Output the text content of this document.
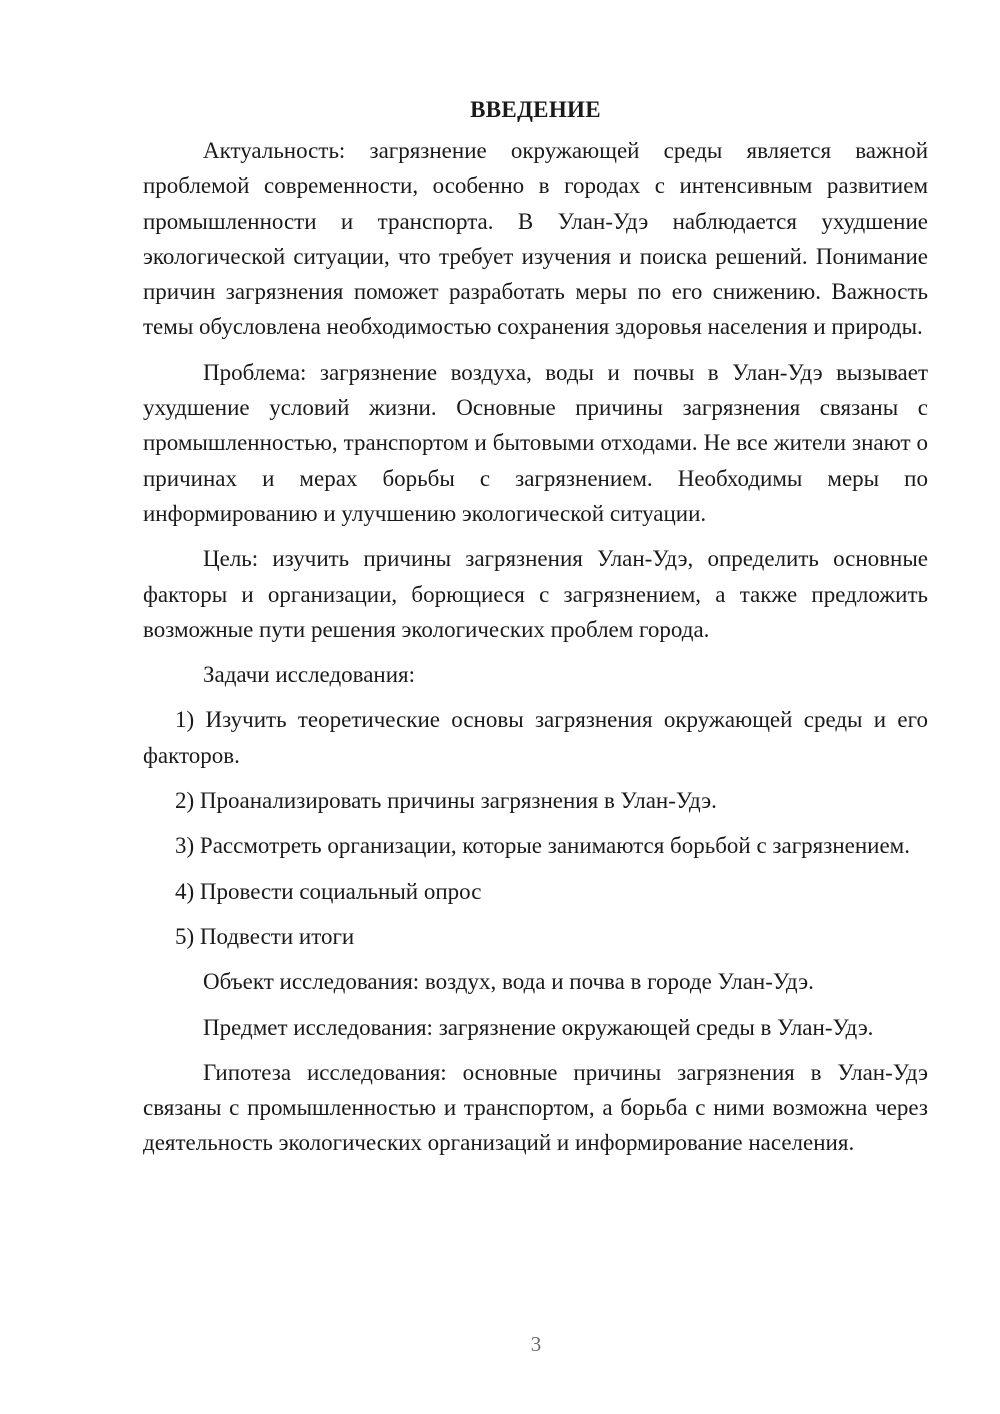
ВВЕДЕНИЕ

Актуальность: загрязнение окружающей среды является важной проблемой современности, особенно в городах с интенсивным развитием промышленности и транспорта. В Улан-Удэ наблюдается ухудшение экологической ситуации, что требует изучения и поиска решений. Понимание причин загрязнения поможет разработать меры по его снижению. Важность темы обусловлена необходимостью сохранения здоровья населения и природы.

Проблема: загрязнение воздуха, воды и почвы в Улан-Удэ вызывает ухудшение условий жизни. Основные причины загрязнения связаны с промышленностью, транспортом и бытовыми отходами. Не все жители знают о причинах и мерах борьбы с загрязнением. Необходимы меры по информированию и улучшению экологической ситуации.

Цель: изучить причины загрязнения Улан-Удэ, определить основные факторы и организации, борющиеся с загрязнением, а также предложить возможные пути решения экологических проблем города.

Задачи исследования:

1) Изучить теоретические основы загрязнения окружающей среды и его факторов.

2) Проанализировать причины загрязнения в Улан-Удэ.

3) Рассмотреть организации, которые занимаются борьбой с загрязнением.

4) Провести социальный опрос

5) Подвести итоги

Объект исследования: воздух, вода и почва в городе Улан-Удэ.

Предмет исследования: загрязнение окружающей среды в Улан-Удэ.

Гипотеза исследования: основные причины загрязнения в Улан-Удэ связаны с промышленностью и транспортом, а борьба с ними возможна через деятельность экологических организаций и информирование населения.

3
